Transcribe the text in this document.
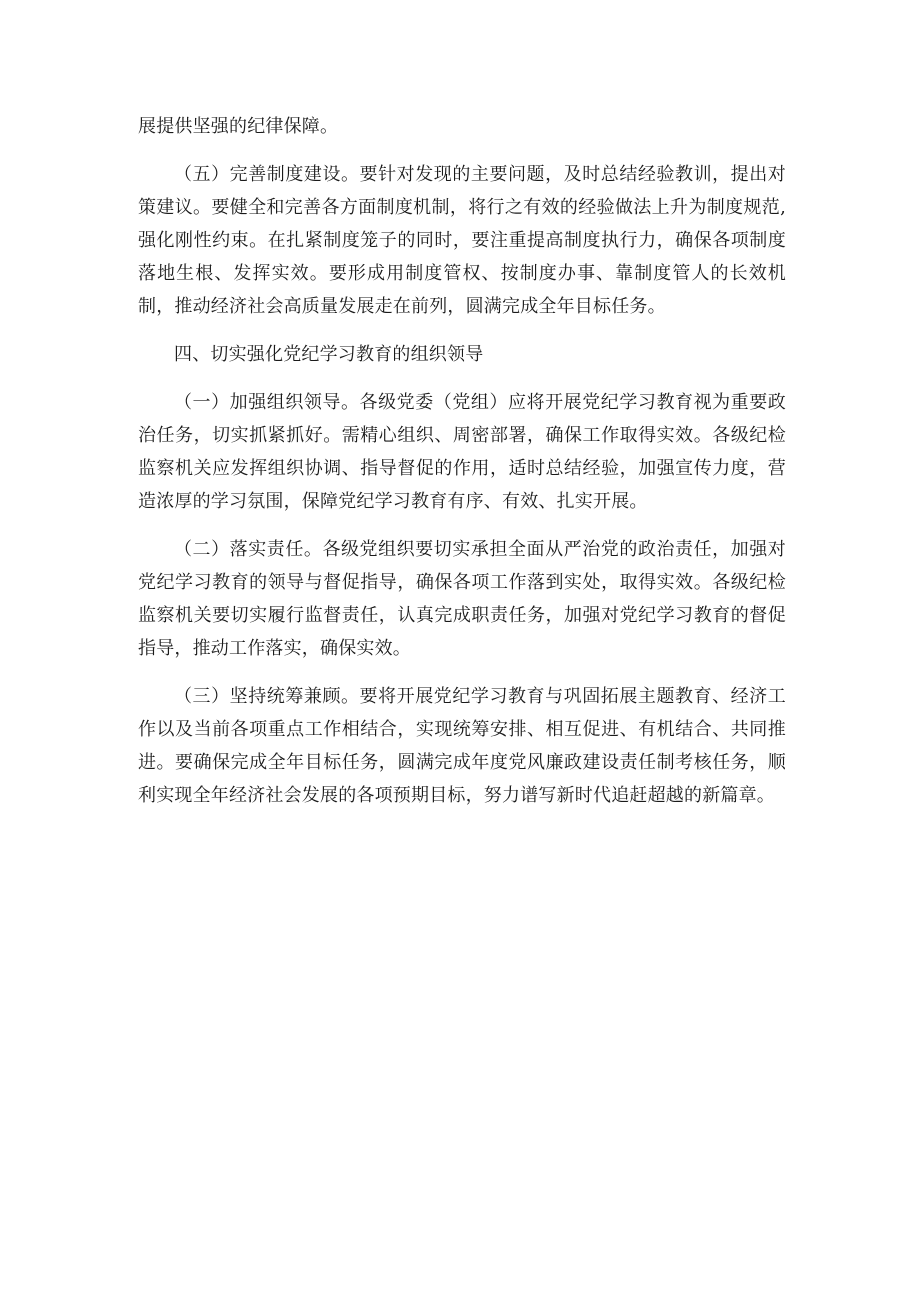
展提供坚强的纪律保障。

（五）完善制度建设。要针对发现的主要问题，及时总结经验教训，提出对策建议。要健全和完善各方面制度机制，将行之有效的经验做法上升为制度规范, 强化刚性约束。在扎紧制度笼子的同时，要注重提高制度执行力，确保各项制度落地生根、发挥实效。要形成用制度管权、按制度办事、靠制度管人的长效机制，推动经济社会高质量发展走在前列，圆满完成全年目标任务。

四、切实强化党纪学习教育的组织领导

（一）加强组织领导。各级党委（党组）应将开展党纪学习教育视为重要政治任务，切实抓紧抓好。需精心组织、周密部署，确保工作取得实效。各级纪检监察机关应发挥组织协调、指导督促的作用，适时总结经验，加强宣传力度，营造浓厚的学习氛围，保障党纪学习教育有序、有效、扎实开展。

（二）落实责任。各级党组织要切实承担全面从严治党的政治责任，加强对党纪学习教育的领导与督促指导，确保各项工作落到实处，取得实效。各级纪检监察机关要切实履行监督责任，认真完成职责任务，加强对党纪学习教育的督促指导，推动工作落实，确保实效。

（三）坚持统筹兼顾。要将开展党纪学习教育与巩固拓展主题教育、经济工作以及当前各项重点工作相结合，实现统筹安排、相互促进、有机结合、共同推进。要确保完成全年目标任务，圆满完成年度党风廉政建设责任制考核任务，顺利实现全年经济社会发展的各项预期目标，努力谱写新时代追赶超越的新篇章。
